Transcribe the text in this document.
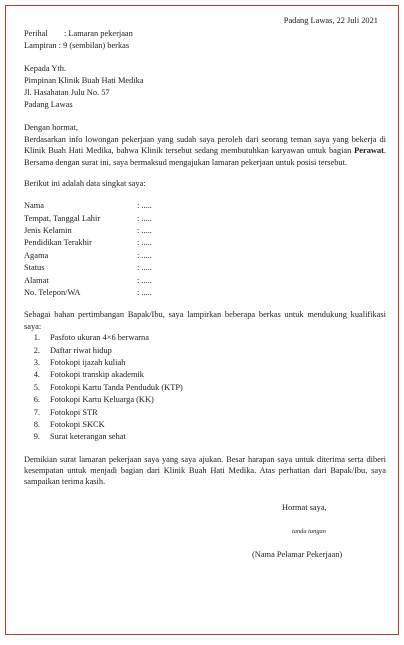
Padang Lawas, 22 Juli 2021
Perihal	: Lamaran pekerjaan
Lampiran : 9 (sembilan) berkas
Kepada Yth.
Pimpinan Klinik Buah Hati Medika
Jl. Hasahatan Julu No. 57
Padang Lawas
Dengan hormat,

Berdasarkan info lowongan pekerjaan yang sudah saya peroleh dari seorang teman saya yang bekerja di Klinik Buah Hati Medika, bahwa Klinik tersebut sedang membutuhkan karyawan untuk bagian Perawat. Bersama dengan surat ini, saya bermaksud mengajukan lamaran pekerjaan untuk posisi tersebut.

Berikut ini adalah data singkat saya:
Nama	: .....
Tempat, Tanggal Lahir	: .....
Jenis Kelamin	: .....
Pendidikan Terakhir	: .....
Agama	: .....
Status	: .....
Alamat	: .....
No. Telepon/WA	: .....

Sebagai bahan pertimbangan Bapak/Ibu, saya lampirkan beberapa berkas untuk mendukung kualifikasi saya:

1. Pasfoto ukuran 4×6 berwarna
2. Daftar riwat hidup
3. Fotokopi ijazah kuliah
4. Fotokopi transkip akademik
5. Fotokopi Kartu Tanda Penduduk (KTP)
6. Fotokopi Kartu Keluarga (KK)
7. Fotokopi STR
8. Fotokopi SKCK
9. Surat keterangan sehat

Demikian surat lamaran pekerjaan saya yang saya ajukan. Besar harapan saya untuk diterima serta diberi kesempatan untuk menjadi bagian dari Klinik Buah Hati Medika. Atas perhatian dari Bapak/Ibu, saya sampaikan terima kasih.

Hormat saya,
tanda tangan
(Nama Pelamar Pekerjaan)
